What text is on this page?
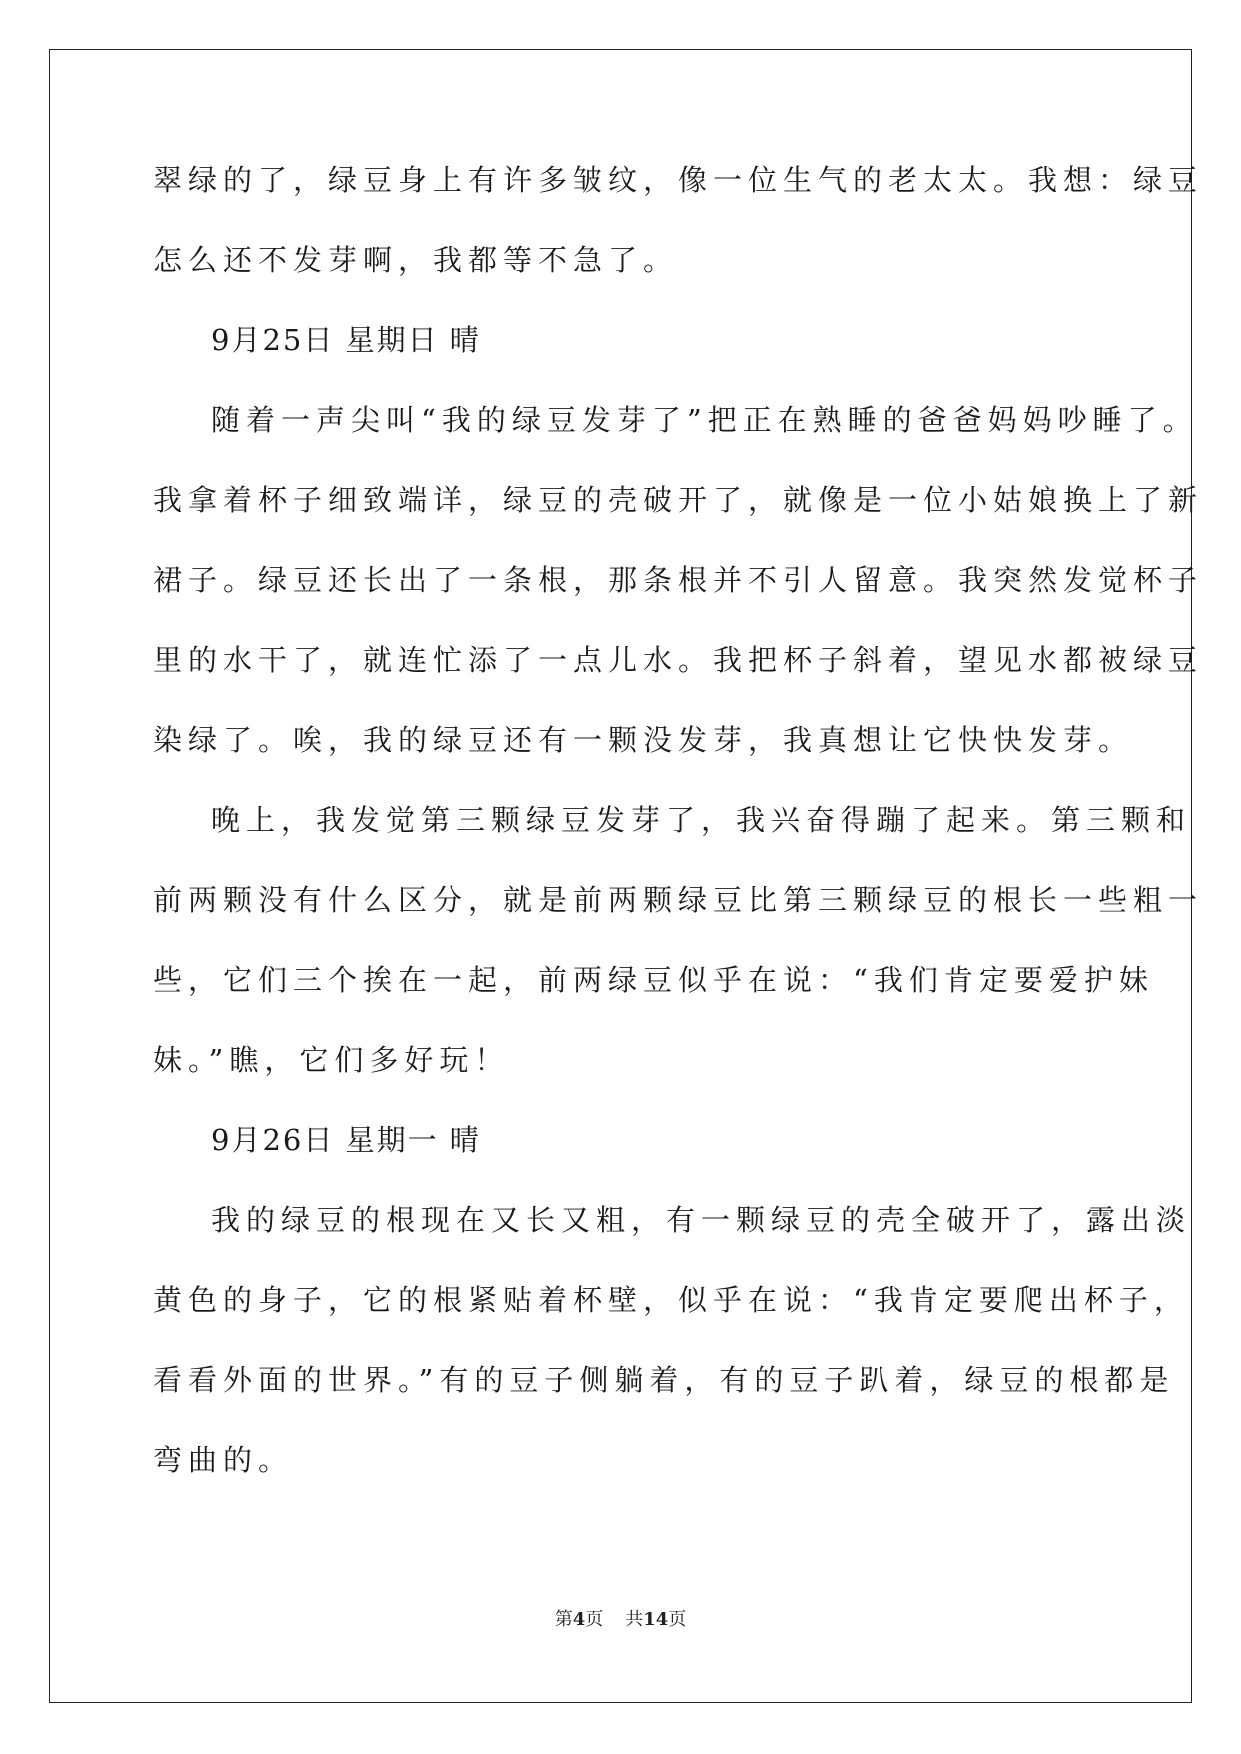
翠绿的了，绿豆身上有许多皱纹，像一位生气的老太太。我想：绿豆
怎么还不发芽啊，我都等不急了。
9月25日 星期日 晴
随着一声尖叫“我的绿豆发芽了”把正在熟睡的爸爸妈妈吵睡了。
我拿着杯子细致端详，绿豆的壳破开了，就像是一位小姑娘换上了新
裙子。绿豆还长出了一条根，那条根并不引人留意。我突然发觉杯子
里的水干了，就连忙添了一点儿水。我把杯子斜着，望见水都被绿豆
染绿了。唉，我的绿豆还有一颗没发芽，我真想让它快快发芽。
晚上，我发觉第三颗绿豆发芽了，我兴奋得蹦了起来。第三颗和
前两颗没有什么区分，就是前两颗绿豆比第三颗绿豆的根长一些粗一
些，它们三个挨在一起，前两绿豆似乎在说：“我们肯定要爱护妹
妹。”瞧，它们多好玩！
9月26日 星期一 晴
我的绿豆的根现在又长又粗，有一颗绿豆的壳全破开了，露出淡
黄色的身子，它的根紧贴着杯壁，似乎在说：“我肯定要爬出杯子，
看看外面的世界。”有的豆子侧躺着，有的豆子趴着，绿豆的根都是
弯曲的。
第4页 共14页
